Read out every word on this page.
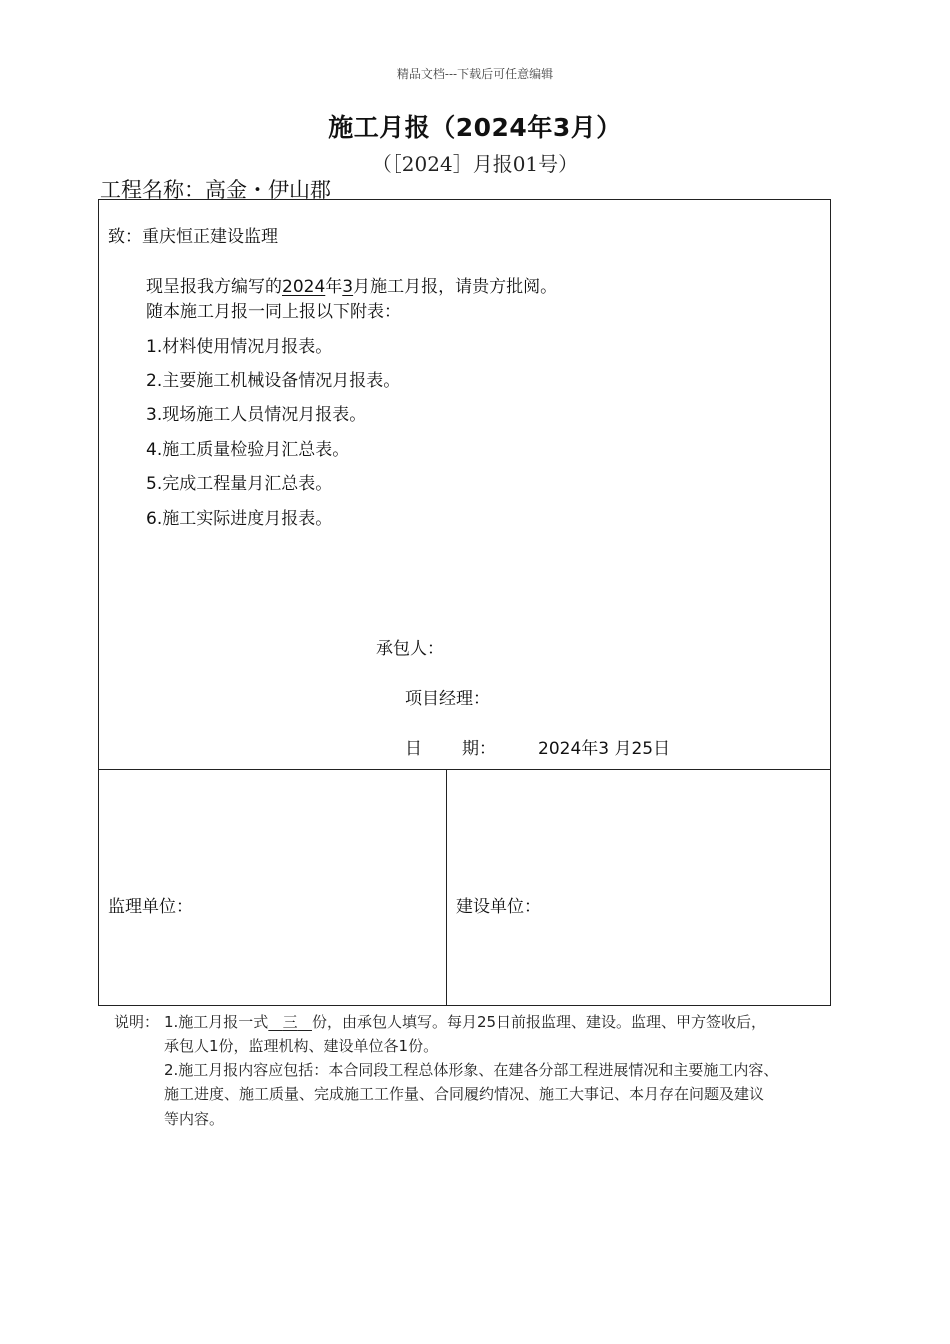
精品文档---下载后可任意编辑
施工月报（2024年3月）
（［2024］月报01号）
工程名称：高金・伊山郡
致：重庆恒正建设监理
现呈报我方编写的2024年3月施工月报，请贵方批阅。
随本施工月报一同上报以下附表：
1.材料使用情况月报表。
2.主要施工机械设备情况月报表。
3.现场施工人员情况月报表。
4.施工质量检验月汇总表。
5.完成工程量月汇总表。
6.施工实际进度月报表。
承包人：
项目经理：
日 期： 2024年3 月25日
监理单位：	建设单位：
说明： 1.施工月报一式 三 份，由承包人填写。每月25日前报监理、建设。监理、甲方签收后，
承包人1份，监理机构、建设单位各1份。
2.施工月报内容应包括：本合同段工程总体形象、在建各分部工程进展情况和主要施工内容、
施工进度、施工质量、完成施工工作量、合同履约情况、施工大事记、本月存在问题及建议
等内容。
